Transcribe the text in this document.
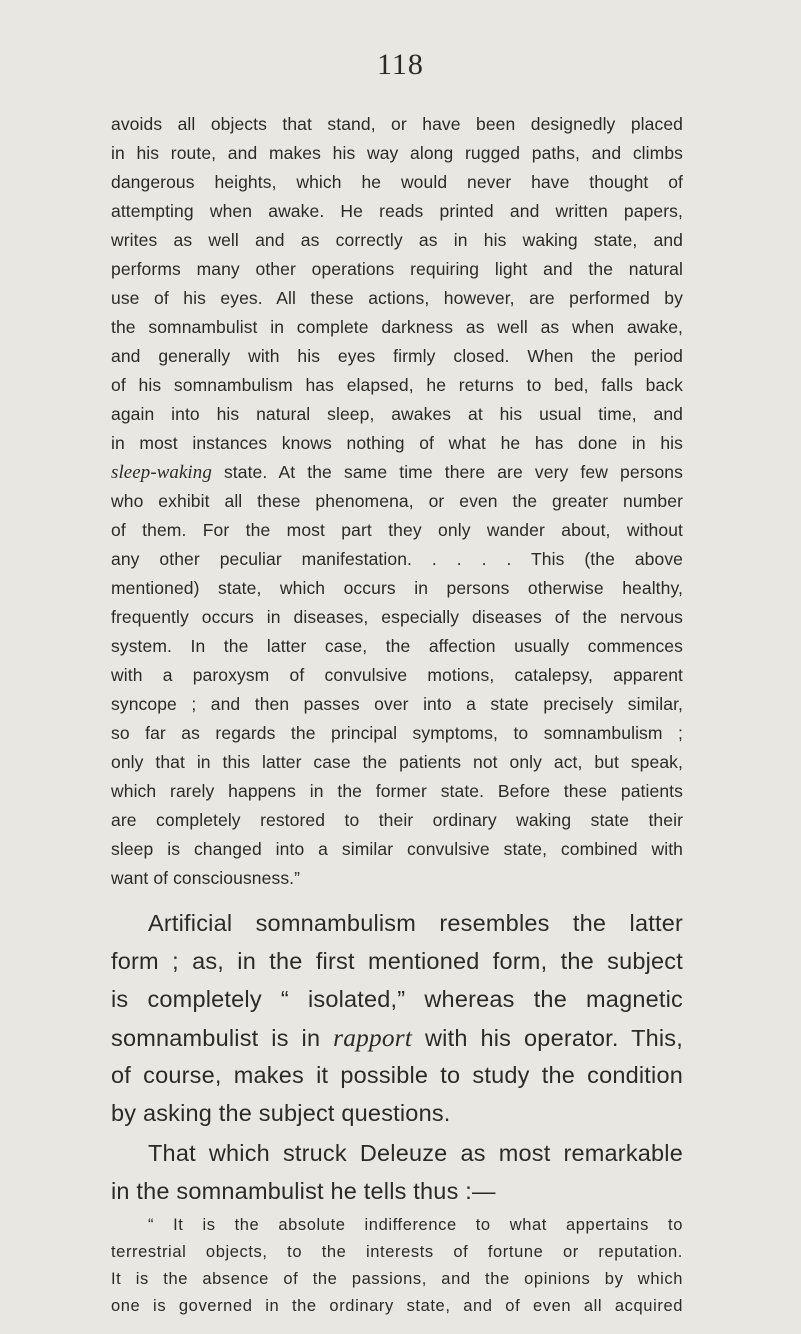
118
avoids all objects that stand, or have been designedly placed
in his route, and makes his way along rugged paths, and climbs
dangerous heights, which he would never have thought of
attempting when awake. He reads printed and written papers,
writes as well and as correctly as in his waking state, and
performs many other operations requiring light and the natural
use of his eyes. All these actions, however, are performed by
the somnambulist in complete darkness as well as when awake,
and generally with his eyes firmly closed. When the period
of his somnambulism has elapsed, he returns to bed, falls back
again into his natural sleep, awakes at his usual time, and
in most instances knows nothing of what he has done in his
sleep-waking state. At the same time there are very few persons
who exhibit all these phenomena, or even the greater number
of them. For the most part they only wander about, without
any other peculiar manifestation. . . . . This (the above
mentioned) state, which occurs in persons otherwise healthy,
frequently occurs in diseases, especially diseases of the nervous
system. In the latter case, the affection usually commences
with a paroxysm of convulsive motions, catalepsy, apparent
syncope ; and then passes over into a state precisely similar,
so far as regards the principal symptoms, to somnambulism ;
only that in this latter case the patients not only act, but speak,
which rarely happens in the former state. Before these patients
are completely restored to their ordinary waking state their
sleep is changed into a similar convulsive state, combined with
want of consciousness.”
Artificial somnambulism resembles the latter
form ; as, in the first mentioned form, the subject
is completely “ isolated,” whereas the magnetic
somnambulist is in rapport with his operator. This,
of course, makes it possible to study the condition
by asking the subject questions.
That which struck Deleuze as most remarkable
in the somnambulist he tells thus :—
“ It is the absolute indifference to what appertains to
terrestrial objects, to the interests of fortune or reputation.
It is the absence of the passions, and the opinions by which
one is governed in the ordinary state, and of even all acquired
